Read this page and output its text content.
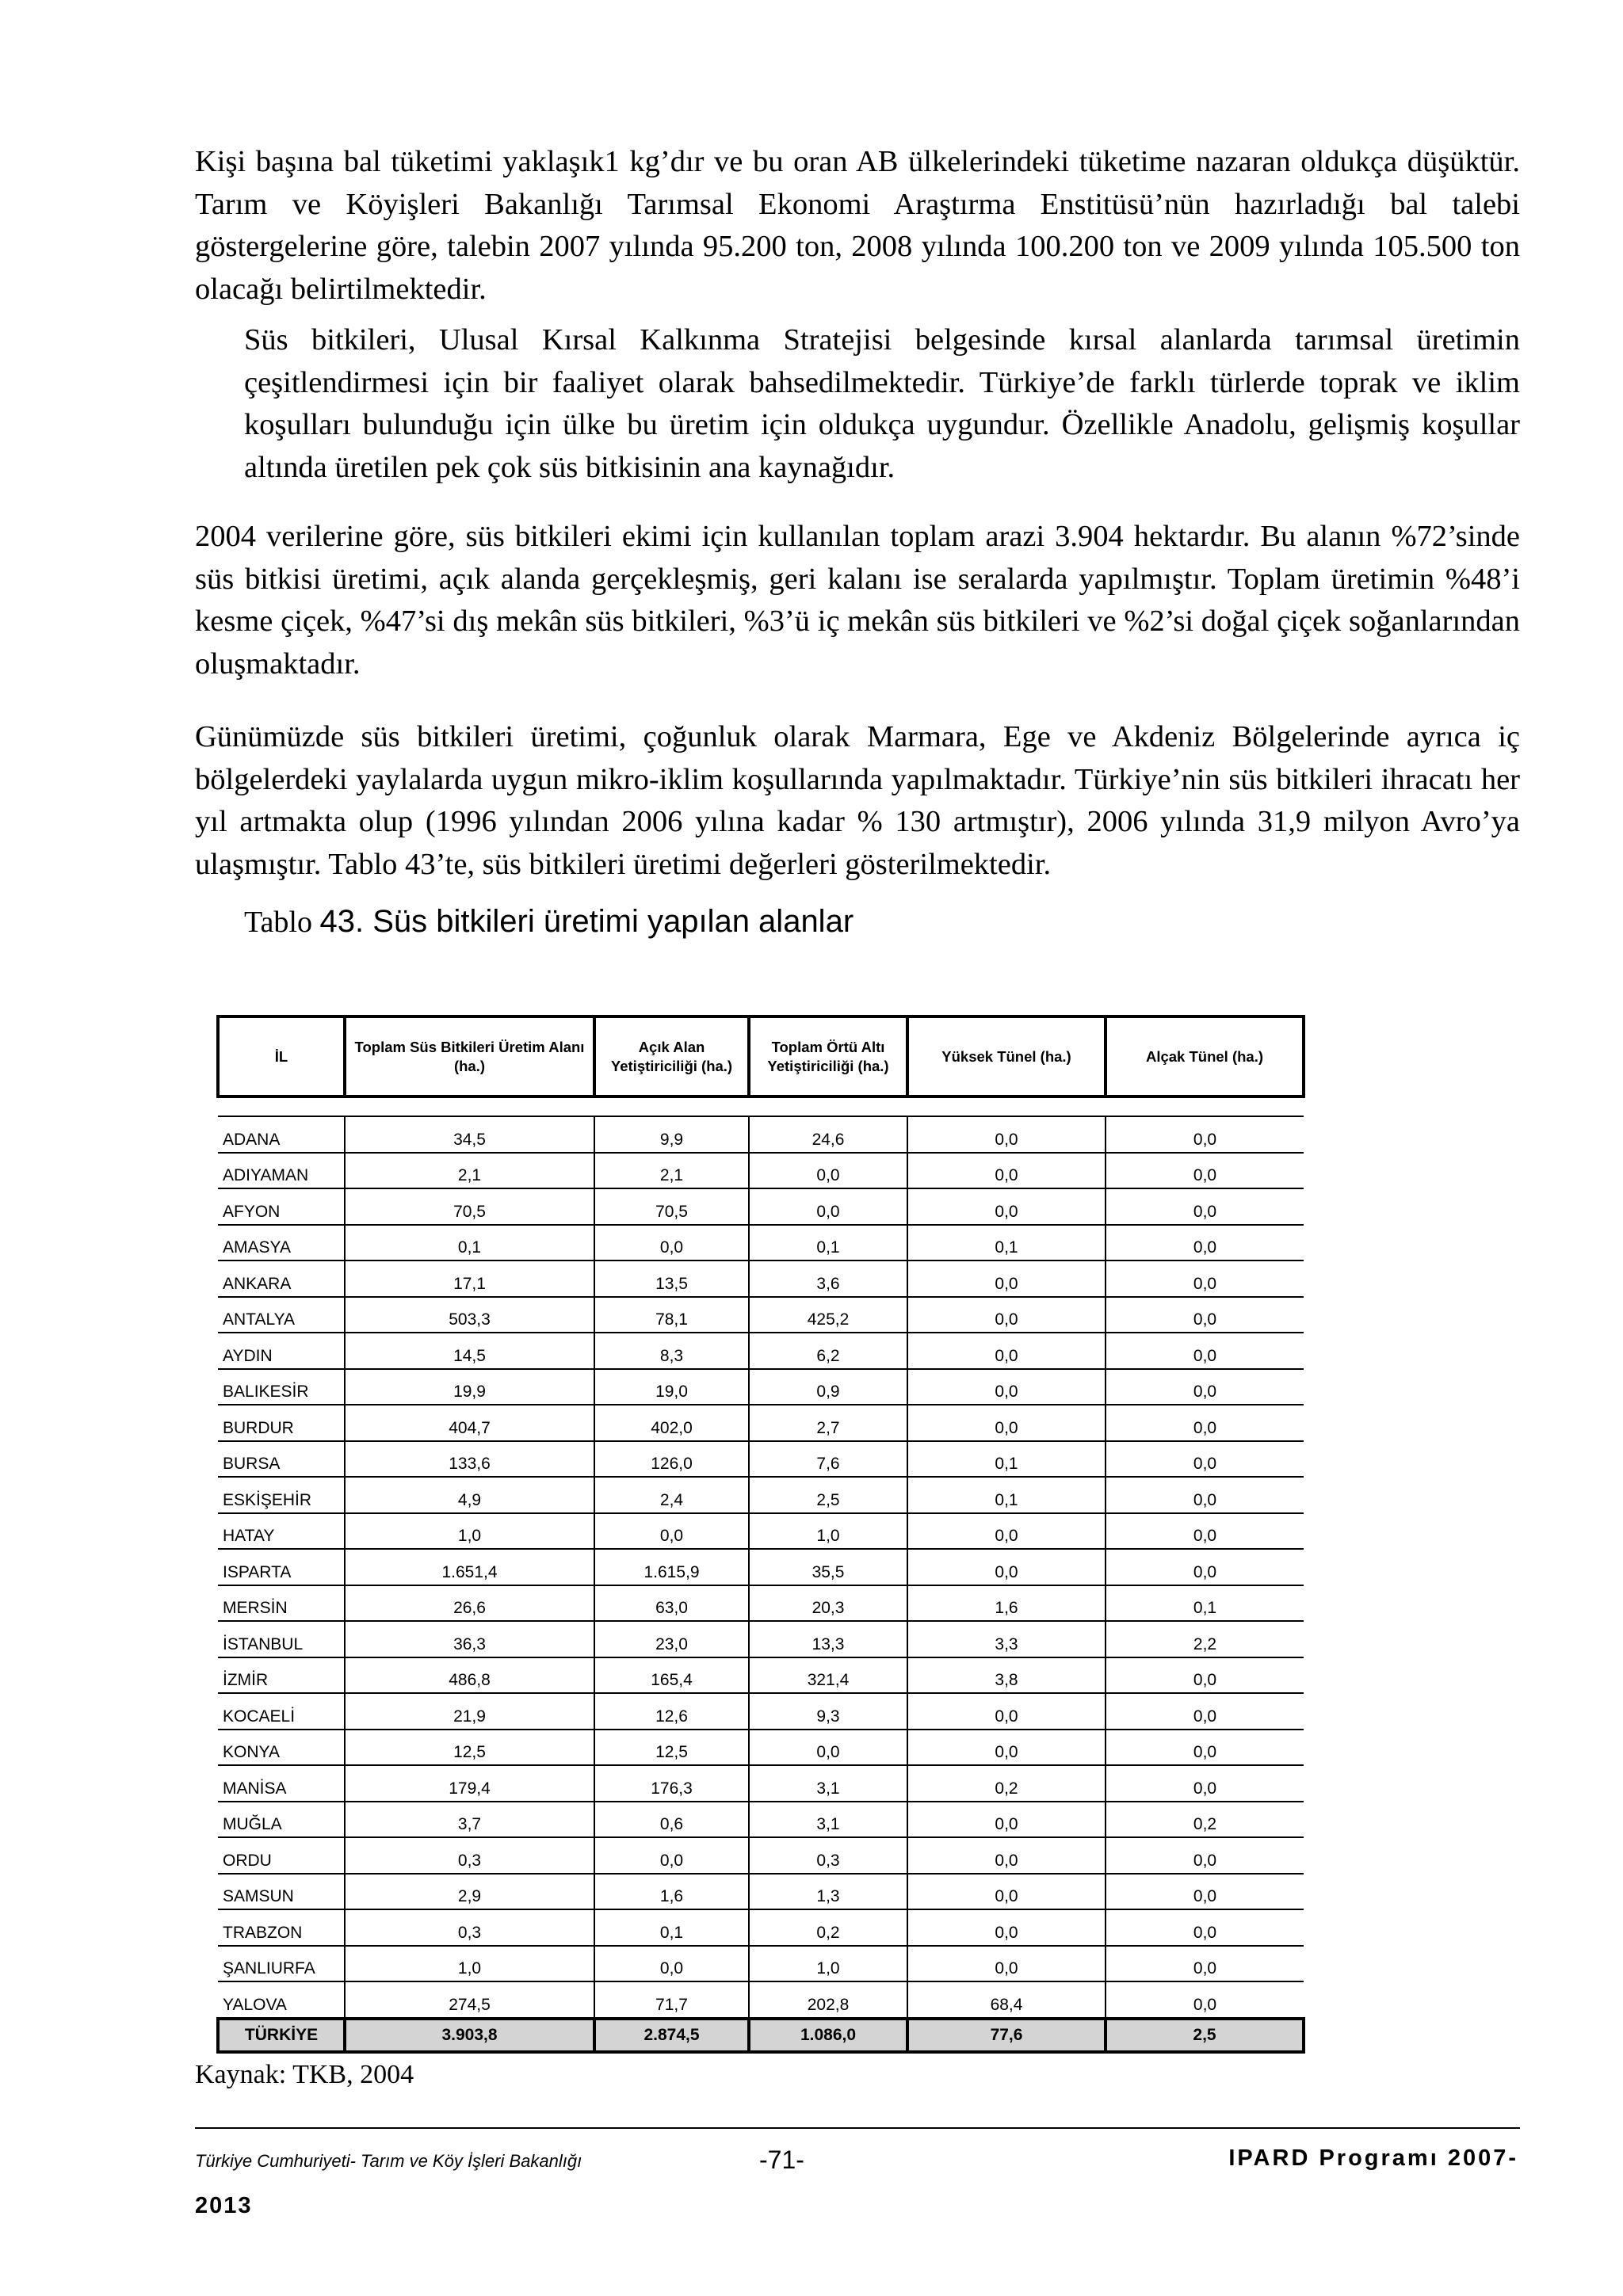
Kişi başına bal tüketimi yaklaşık1 kg’dır ve bu oran AB ülkelerindeki tüketime nazaran oldukça düşüktür. Tarım ve Köyişleri Bakanlığı Tarımsal Ekonomi Araştırma Enstitüsü’nün hazırladığı bal talebi göstergelerine göre, talebin 2007 yılında 95.200 ton, 2008 yılında 100.200 ton ve 2009 yılında 105.500 ton olacağı belirtilmektedir.

Süs bitkileri, Ulusal Kırsal Kalkınma Stratejisi belgesinde kırsal alanlarda tarımsal üretimin çeşitlendirmesi için bir faaliyet olarak bahsedilmektedir. Türkiye’de farklı türlerde toprak ve iklim koşulları bulunduğu için ülke bu üretim için oldukça uygundur. Özellikle Anadolu, gelişmiş koşullar altında üretilen pek çok süs bitkisinin ana kaynağıdır.

2004 verilerine göre, süs bitkileri ekimi için kullanılan toplam arazi 3.904 hektardır. Bu alanın %72’sinde süs bitkisi üretimi, açık alanda gerçekleşmiş, geri kalanı ise seralarda yapılmıştır. Toplam üretimin %48’i kesme çiçek, %47’si dış mekân süs bitkileri, %3’ü iç mekân süs bitkileri ve %2’si doğal çiçek soğanlarından oluşmaktadır.

Günümüzde süs bitkileri üretimi, çoğunluk olarak Marmara, Ege ve Akdeniz Bölgelerinde ayrıca iç bölgelerdeki yaylalarda uygun mikro-iklim koşullarında yapılmaktadır. Türkiye’nin süs bitkileri ihracatı her yıl artmakta olup (1996 yılından 2006 yılına kadar % 130 artmıştır), 2006 yılında 31,9 milyon Avro’ya ulaşmıştır. Tablo 43’te, süs bitkileri üretimi değerleri gösterilmektedir.

Tablo 43. Süs bitkileri üretimi yapılan alanlar

İL	Toplam Süs Bitkileri Üretim Alanı (ha.)	Açık Alan Yetiştiriciliği (ha.)	Toplam Örtü Altı Yetiştiriciliği (ha.)	Yüksek Tünel (ha.)	Alçak Tünel (ha.)

ADANA	34,5	9,9	24,6	0,0	0,0
ADIYAMAN	2,1	2,1	0,0	0,0	0,0
AFYON	70,5	70,5	0,0	0,0	0,0
AMASYA	0,1	0,0	0,1	0,1	0,0
ANKARA	17,1	13,5	3,6	0,0	0,0
ANTALYA	503,3	78,1	425,2	0,0	0,0
AYDIN	14,5	8,3	6,2	0,0	0,0
BALIKESİR	19,9	19,0	0,9	0,0	0,0
BURDUR	404,7	402,0	2,7	0,0	0,0
BURSA	133,6	126,0	7,6	0,1	0,0
ESKİŞEHİR	4,9	2,4	2,5	0,1	0,0
HATAY	1,0	0,0	1,0	0,0	0,0
ISPARTA	1.651,4	1.615,9	35,5	0,0	0,0
MERSİN	26,6	63,0	20,3	1,6	0,1
İSTANBUL	36,3	23,0	13,3	3,3	2,2
İZMİR	486,8	165,4	321,4	3,8	0,0
KOCAELİ	21,9	12,6	9,3	0,0	0,0
KONYA	12,5	12,5	0,0	0,0	0,0
MANİSA	179,4	176,3	3,1	0,2	0,0
MUĞLA	3,7	0,6	3,1	0,0	0,2
ORDU	0,3	0,0	0,3	0,0	0,0
SAMSUN	2,9	1,6	1,3	0,0	0,0
TRABZON	0,3	0,1	0,2	0,0	0,0
ŞANLIURFA	1,0	0,0	1,0	0,0	0,0
YALOVA	274,5	71,7	202,8	68,4	0,0
TÜRKİYE	3.903,8	2.874,5	1.086,0	77,6	2,5

Kaynak: TKB, 2004

Türkiye Cumhuriyeti- Tarım ve Köy İşleri Bakanlığı	-71-	IPARD Programı 2007-

2013
